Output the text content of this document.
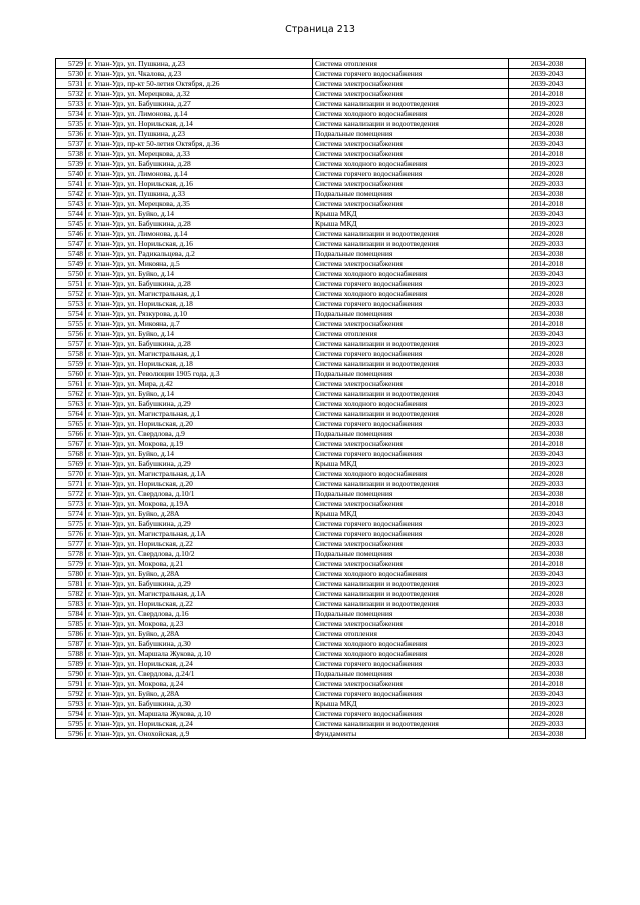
Страница 213
5729	г. Улан-Удэ, ул. Пушкина, д.23	Система отопления	2034-2038
5730	г. Улан-Удэ, ул. Чкалова, д.23	Система горячего водоснабжения	2039-2043
5731	г. Улан-Удэ, пр-кт 50-летия Октября, д.26	Система электроснабжения	2039-2043
5732	г. Улан-Удэ, ул. Мерецкова, д.32	Система электроснабжения	2014-2018
5733	г. Улан-Удэ, ул. Бабушкина, д.27	Система канализации и водоотведения	2019-2023
5734	г. Улан-Удэ, ул. Лимонова, д.14	Система холодного водоснабжения	2024-2028
5735	г. Улан-Удэ, ул. Норильская, д.14	Система канализации и водоотведения	2024-2028
5736	г. Улан-Удэ, ул. Пушкина, д.23	Подвальные помещения	2034-2038
5737	г. Улан-Удэ, пр-кт 50-летия Октября, д.36	Система электроснабжения	2039-2043
5738	г. Улан-Удэ, ул. Мерецкова, д.33	Система электроснабжения	2014-2018
5739	г. Улан-Удэ, ул. Бабушкина, д.28	Система холодного водоснабжения	2019-2023
5740	г. Улан-Удэ, ул. Лимонова, д.14	Система горячего водоснабжения	2024-2028
5741	г. Улан-Удэ, ул. Норильская, д.16	Система электроснабжения	2029-2033
5742	г. Улан-Удэ, ул. Пушкина, д.33	Подвальные помещения	2034-2038
5743	г. Улан-Удэ, ул. Мерецкова, д.35	Система электроснабжения	2014-2018
5744	г. Улан-Удэ, ул. Буйко, д.14	Крыша МКД	2039-2043
5745	г. Улан-Удэ, ул. Бабушкина, д.28	Крыша МКД	2019-2023
5746	г. Улан-Удэ, ул. Лимонова, д.14	Система канализации и водоотведения	2024-2028
5747	г. Улан-Удэ, ул. Норильская, д.16	Система канализации и водоотведения	2029-2033
5748	г. Улан-Удэ, ул. Радикальцева, д.2	Подвальные помещения	2034-2038
5749	г. Улан-Удэ, ул. Микояна, д.5	Система электроснабжения	2014-2018
5750	г. Улан-Удэ, ул. Буйко, д.14	Система холодного водоснабжения	2039-2043
5751	г. Улан-Удэ, ул. Бабушкина, д.28	Система горячего водоснабжения	2019-2023
5752	г. Улан-Удэ, ул. Магистральная, д.1	Система холодного водоснабжения	2024-2028
5753	г. Улан-Удэ, ул. Норильская, д.18	Система горячего водоснабжения	2029-2033
5754	г. Улан-Удэ, ул. Рязкурова, д.10	Подвальные помещения	2034-2038
5755	г. Улан-Удэ, ул. Микояна, д.7	Система электроснабжения	2014-2018
5756	г. Улан-Удэ, ул. Буйко, д.14	Система отопления	2039-2043
5757	г. Улан-Удэ, ул. Бабушкина, д.28	Система канализации и водоотведения	2019-2023
5758	г. Улан-Удэ, ул. Магистральная, д.1	Система горячего водоснабжения	2024-2028
5759	г. Улан-Удэ, ул. Норильская, д.18	Система канализации и водоотведения	2029-2033
5760	г. Улан-Удэ, ул. Революции 1905 года, д.3	Подвальные помещения	2034-2038
5761	г. Улан-Удэ, ул. Мира, д.42	Система электроснабжения	2014-2018
5762	г. Улан-Удэ, ул. Буйко, д.14	Система канализации и водоотведения	2039-2043
5763	г. Улан-Удэ, ул. Бабушкина, д.29	Система холодного водоснабжения	2019-2023
5764	г. Улан-Удэ, ул. Магистральная, д.1	Система канализации и водоотведения	2024-2028
5765	г. Улан-Удэ, ул. Норильская, д.20	Система горячего водоснабжения	2029-2033
5766	г. Улан-Удэ, ул. Свердлова, д.9	Подвальные помещения	2034-2038
5767	г. Улан-Удэ, ул. Мокрова, д.19	Система электроснабжения	2014-2018
5768	г. Улан-Удэ, ул. Буйко, д.14	Система горячего водоснабжения	2039-2043
5769	г. Улан-Удэ, ул. Бабушкина, д.29	Крыша МКД	2019-2023
5770	г. Улан-Удэ, ул. Магистральная, д.1А	Система холодного водоснабжения	2024-2028
5771	г. Улан-Удэ, ул. Норильская, д.20	Система канализации и водоотведения	2029-2033
5772	г. Улан-Удэ, ул. Свердлова, д.10/1	Подвальные помещения	2034-2038
5773	г. Улан-Удэ, ул. Мокрова, д.19А	Система электроснабжения	2014-2018
5774	г. Улан-Удэ, ул. Буйко, д.28А	Крыша МКД	2039-2043
5775	г. Улан-Удэ, ул. Бабушкина, д.29	Система горячего водоснабжения	2019-2023
5776	г. Улан-Удэ, ул. Магистральная, д.1А	Система горячего водоснабжения	2024-2028
5777	г. Улан-Удэ, ул. Норильская, д.22	Система электроснабжения	2029-2033
5778	г. Улан-Удэ, ул. Свердлова, д.10/2	Подвальные помещения	2034-2038
5779	г. Улан-Удэ, ул. Мокрова, д.21	Система электроснабжения	2014-2018
5780	г. Улан-Удэ, ул. Буйко, д.28А	Система холодного водоснабжения	2039-2043
5781	г. Улан-Удэ, ул. Бабушкина, д.29	Система канализации и водоотведения	2019-2023
5782	г. Улан-Удэ, ул. Магистральная, д.1А	Система канализации и водоотведения	2024-2028
5783	г. Улан-Удэ, ул. Норильская, д.22	Система канализации и водоотведения	2029-2033
5784	г. Улан-Удэ, ул. Свердлова, д.16	Подвальные помещения	2034-2038
5785	г. Улан-Удэ, ул. Мокрова, д.23	Система электроснабжения	2014-2018
5786	г. Улан-Удэ, ул. Буйко, д.28А	Система отопления	2039-2043
5787	г. Улан-Удэ, ул. Бабушкина, д.30	Система холодного водоснабжения	2019-2023
5788	г. Улан-Удэ, ул. Маршала Жукова, д.10	Система холодного водоснабжения	2024-2028
5789	г. Улан-Удэ, ул. Норильская, д.24	Система горячего водоснабжения	2029-2033
5790	г. Улан-Удэ, ул. Свердлова, д.24/1	Подвальные помещения	2034-2038
5791	г. Улан-Удэ, ул. Мокрова, д.24	Система электроснабжения	2014-2018
5792	г. Улан-Удэ, ул. Буйко, д.28А	Система горячего водоснабжения	2039-2043
5793	г. Улан-Удэ, ул. Бабушкина, д.30	Крыша МКД	2019-2023
5794	г. Улан-Удэ, ул. Маршала Жукова, д.10	Система горячего водоснабжения	2024-2028
5795	г. Улан-Удэ, ул. Норильская, д.24	Система канализации и водоотведения	2029-2033
5796	г. Улан-Удэ, ул. Онохойская, д.9	Фундаменты	2034-2038
